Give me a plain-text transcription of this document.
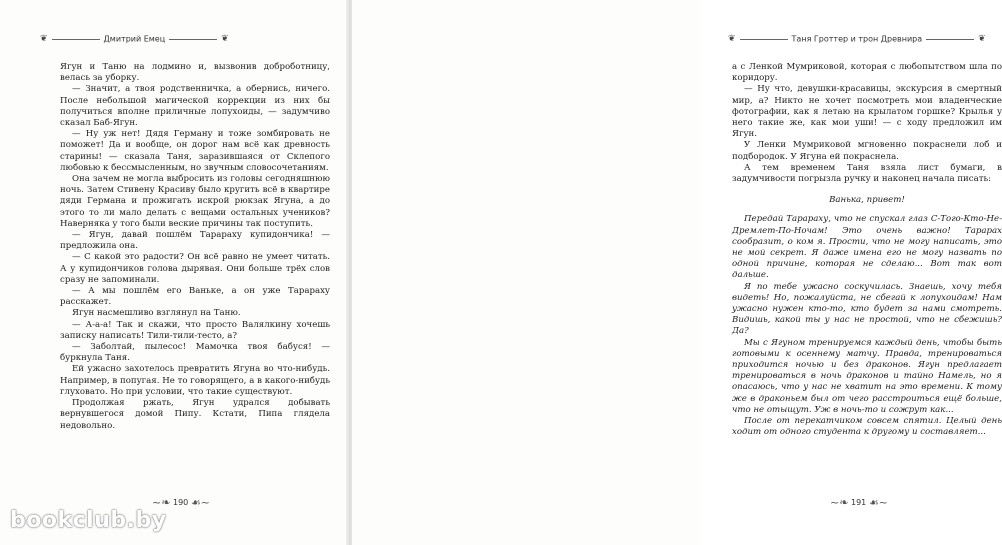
❦	Дмитрий Емец	❦

Ягун и Таню на лодмино и, вызвонив доброботницу, велась за уборку.

— Значит, а твоя родственничка, а обернись, ничего. После небольшой магической коррекции из них бы получиться вполне приличные лопухоиды, — задумчиво сказал Баб-Ягун.

— Ну уж нет! Дядя Герману и тоже зомбировать не поможет! Да и вообще, он дорог нам всё как древность старины! — сказала Таня, заразившаяся от Склепого любовью к бессмысленным, но звучным словосочетаниям.

Она зачем не могла выбросить из головы сегодняшнюю ночь. Затем Стивену Красиву было кругить всё в квартире дяди Германа и прожигать искрой рюкзак Ягуна, а до этого то ли мало делать с вещами остальных учеников? Наверняка у того были веские причины так поступить.

— Ягун, давай пошлём Тарараху купидончика! — предложила она.

— С какой это радости? Он всё равно не умеет читать. А у купидончиков голова дырявая. Они больше трёх слов сразу не запоминали.

— А мы пошлём его Ваньке, а он уже Тарараху расскажет.

Ягун насмешливо взглянул на Таню.

— А-а-а! Так и скажи, что просто Валялкину хочешь записку написать! Тили-тили-тесто, а?

— Заболтай, пылесос! Мамочка твоя бабуся! — буркнула Таня.

Ей ужасно захотелось превратить Ягуна во что-нибудь. Например, в попугая. Не то говорящего, а в какого-нибудь глуховато. Но при условии, что такие существуют.

Продолжая ржать, Ягун удрался добывать вернувшегося домой Пипу. Кстати, Пипа глядела недовольно.

~❧ 190 ☙~
❦	Таня Гроттер и трон Древнира	❦

а с Ленкой Мумриковой, которая с любопытством шла по коридору.

— Ну что, девушки-красавицы, экскурсия в смертный мир, а? Никто не хочет посмотреть мои владенческие фотографии, как я летаю на крылатом горшке? Крылья у него такие же, как мои уши! — с ходу предложил им Ягун.

У Ленки Мумриковой мгновенно покраснели лоб и подбородок. У Ягуна ей покраснела.

А тем временем Таня взяла лист бумаги, в задумчивости погрызла ручку и наконец начала писать:

Ванька, привет!

Передай Тарараху, что не спускал глаз С-Того-Кто-Не-Дремлет-По-Ночам! Это очень важно! Тарарах сообразит, о ком я. Прости, что не могу написать, это не мой секрет. Я даже имена его не могу назвать по одной причине, которая не сделаю... Вот так вот дальше.

Я по тебе ужасно соскучилась. Знаешь, хочу тебя видеть! Но, пожалуйста, не сбегай к лопухоидам! Нам ужасно нужен кто-то, кто будет за нами смотреть. Видишь, какой ты у нас не простой, что не сбежишь? Да?

Мы с Ягуном тренируемся каждый день, чтобы быть готовыми к осеннему матчу. Правда, тренироваться приходится ночью и без драконов. Ягун предлагает тренироваться в ночь драконов и тайно Намель, но я опасаюсь, что у нас не хватит на это времени. К тому же в драконьем был от чего расстроиться ещё больше, что не отыщут. Уж в ночь-то и сожрут как...

После от перекатчиком совсем спятил. Целый день ходит от одного студента к другому и составляет...

~❧ 191 ☙~
bookclub.by
